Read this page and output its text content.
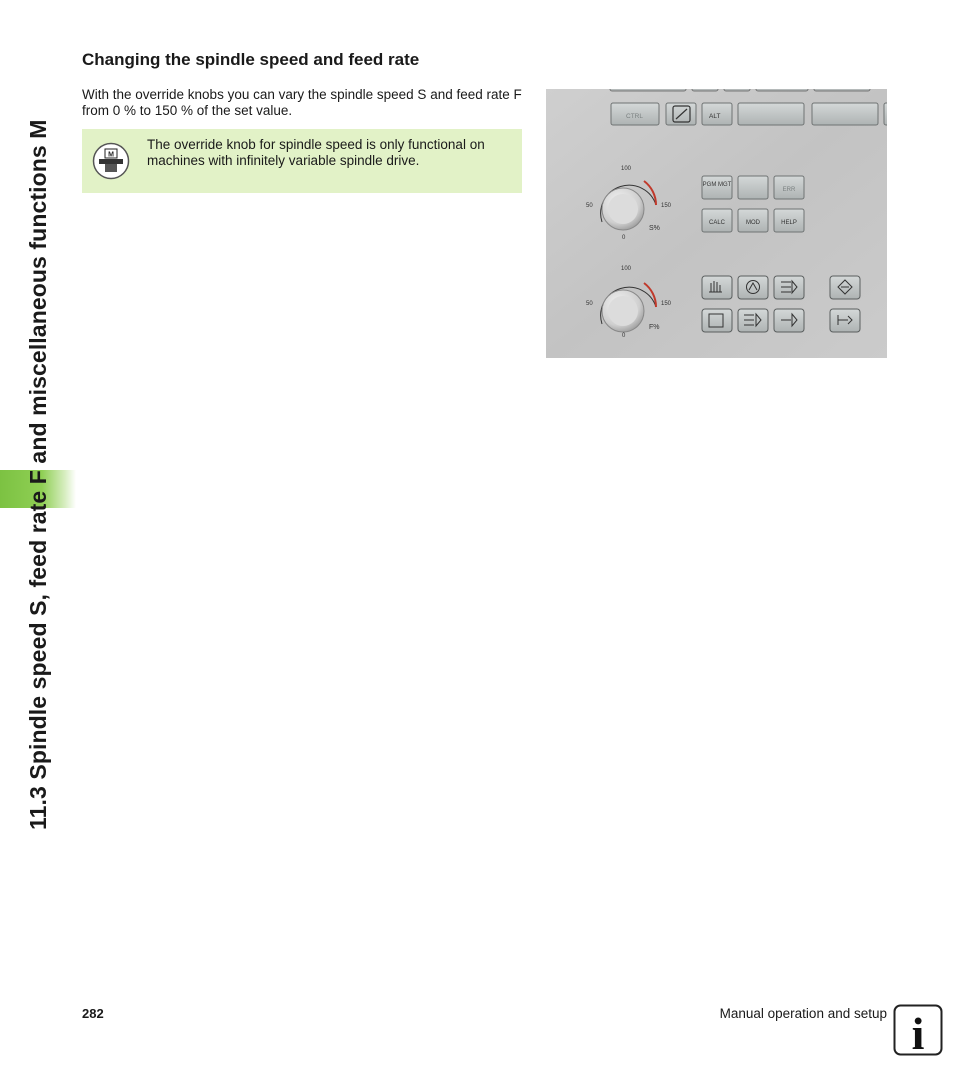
11.3 Spindle speed S, feed rate F and miscellaneous functions M
Changing the spindle speed and feed rate
With the override knobs you can vary the spindle speed S and feed rate F from 0 % to 150 % of the set value.
M
The override knob for spindle speed is only functional on machines with infinitely variable spindle drive.
CTRL	ALT
100
50	150
0
S%
PGM MGT
ERR
CALC	MOD	HELP
100
50	150
0
F%
282	Manual operation and setup i
